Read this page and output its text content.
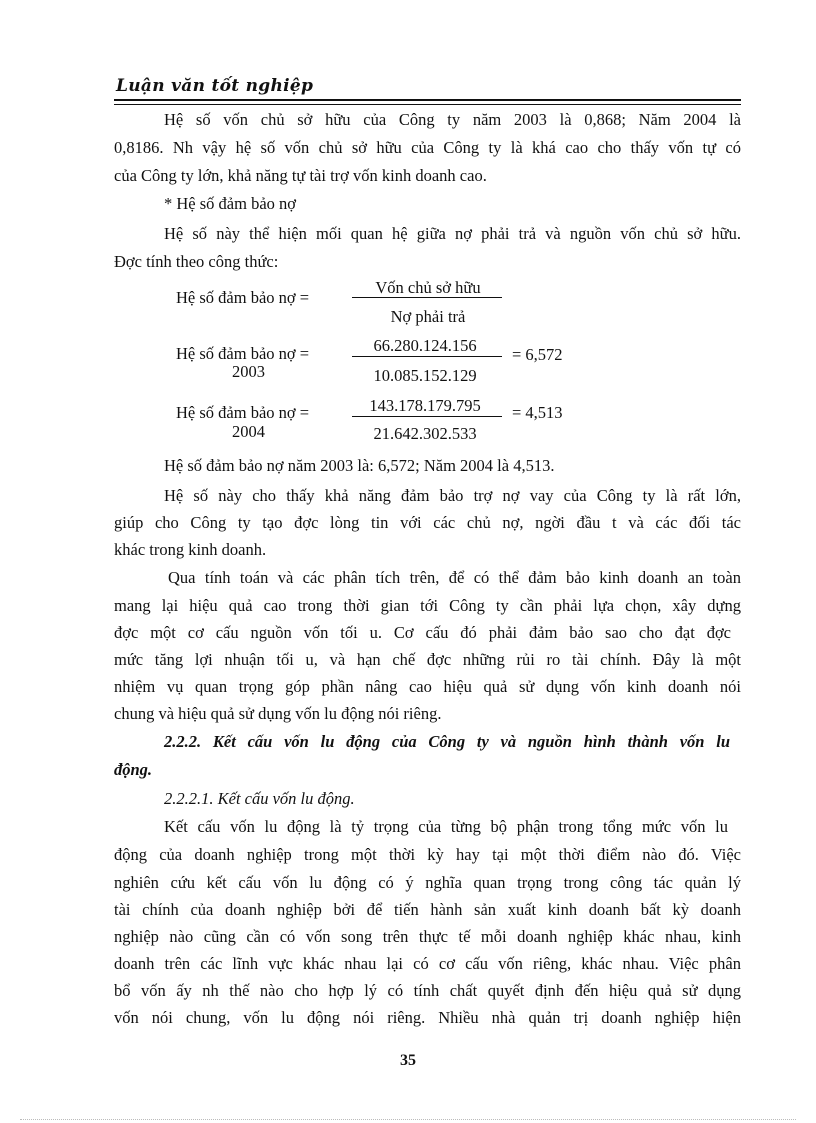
Luận văn tốt nghiệp
Hệ số vốn chủ sở hữu của Công ty năm 2003 là 0,868; Năm 2004 là
0,8186. Nh vậy hệ số vốn chủ sở hữu của Công ty là khá cao cho thấy vốn tự có
của Công ty lớn, khả năng tự tài trợ vốn kinh doanh cao.
* Hệ số đảm bảo nợ
Hệ số này thể hiện mối quan hệ giữa nợ phải trả và nguồn vốn chủ sở hữu.
Đợc tính theo công thức:
Hệ số đảm bảo nợ =
Vốn chủ sở hữu
Nợ phải trả
Hệ số đảm bảo nợ =
2003
66.280.124.156
10.085.152.129
= 6,572
Hệ số đảm bảo nợ =
2004
143.178.179.795
21.642.302.533
= 4,513
Hệ số đảm bảo nợ năm 2003 là: 6,572; Năm 2004 là 4,513.
Hệ số này cho thấy khả năng đảm bảo trợ nợ vay của Công ty là rất lớn,
giúp cho Công ty tạo đợc lòng tin với các chủ nợ, ngời đầu t và các đối tác
khác trong kinh doanh.
Qua tính toán và các phân tích trên, để có thể đảm bảo kinh doanh an toàn
mang lại hiệu quả cao trong thời gian tới Công ty cần phải lựa chọn, xây dựng
đợc một cơ cấu nguồn vốn tối u. Cơ cấu đó phải đảm bảo sao cho đạt đợc
mức tăng lợi nhuận tối u, và hạn chế đợc những rủi ro tài chính. Đây là một
nhiệm vụ quan trọng góp phần nâng cao hiệu quả sử dụng vốn kinh doanh nói
chung và hiệu quả sử dụng vốn lu động nói riêng.
2.2.2. Kết cấu vốn lu động của Công ty và nguồn hình thành vốn lu
động.
2.2.2.1. Kết cấu vốn lu động.
Kết cấu vốn lu động là tỷ trọng của từng bộ phận trong tổng mức vốn lu
động của doanh nghiệp trong một thời kỳ hay tại một thời điểm nào đó. Việc
nghiên cứu kết cấu vốn lu động có ý nghĩa quan trọng trong công tác quản lý
tài chính của doanh nghiệp bởi để tiến hành sản xuất kinh doanh bất kỳ doanh
nghiệp nào cũng cần có vốn song trên thực tế mỗi doanh nghiệp khác nhau, kinh
doanh trên các lĩnh vực khác nhau lại có cơ cấu vốn riêng, khác nhau. Việc phân
bổ vốn ấy nh thế nào cho hợp lý có tính chất quyết định đến hiệu quả sử dụng
vốn nói chung, vốn lu động nói riêng. Nhiều nhà quản trị doanh nghiệp hiện
35
